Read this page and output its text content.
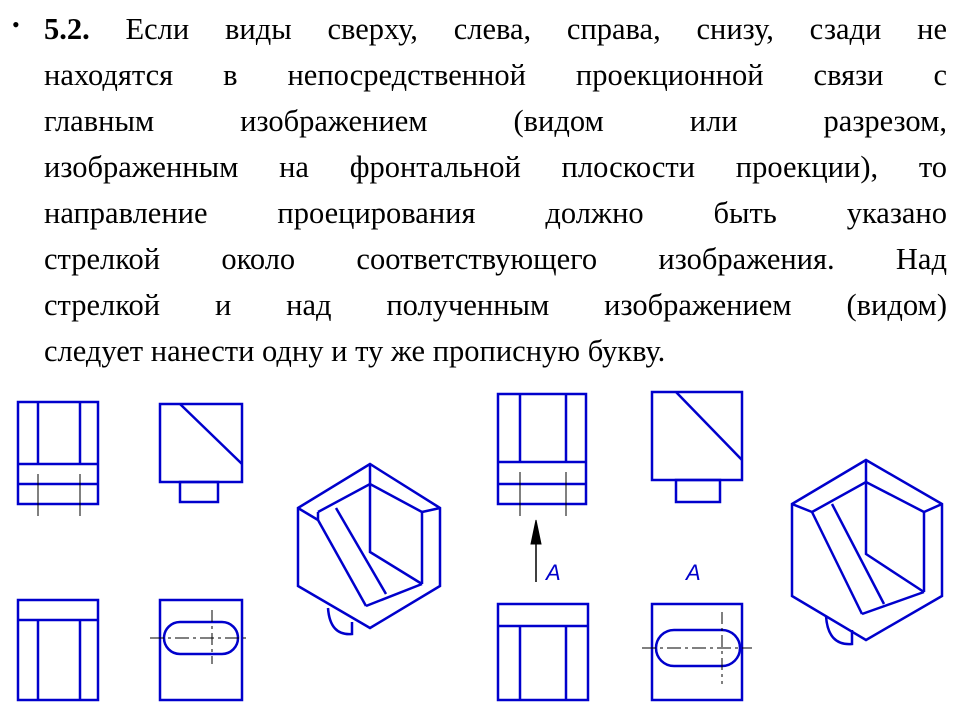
• 5.2. Если виды сверху, слева, справа, снизу, сзади не
находятся в непосредственной проекционной связи с
главным изображением (видом или разрезом,
изображенным на фронтальной плоскости проекции), то
направление проецирования должно быть указано
стрелкой около соответствующего изображения. Над
стрелкой и над полученным изображением (видом)
следует нанести одну и ту же прописную букву.
A	A
